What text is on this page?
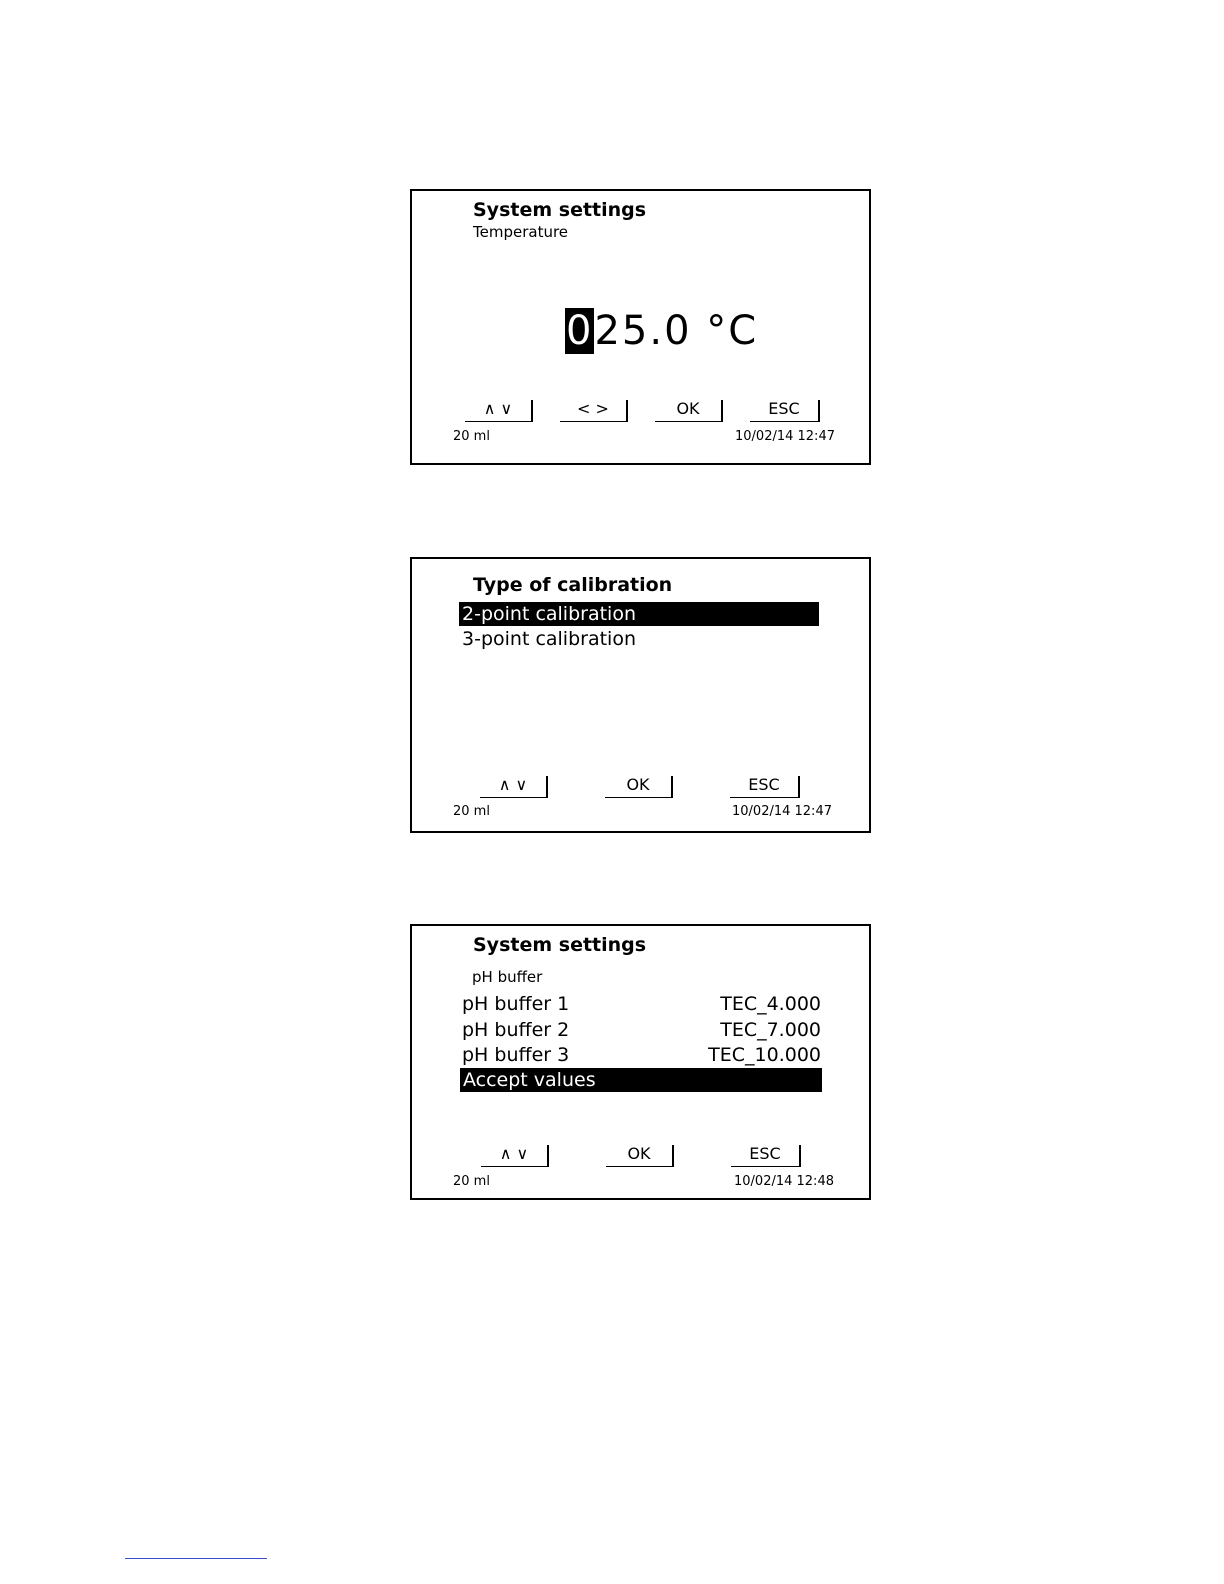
System settings
Temperature
025.0 °C
∧ ∨	< >	OK	ESC
20 ml	10/02/14 12:47
Type of calibration
2-point calibration
3-point calibration
∧ ∨	OK	ESC
20 ml	10/02/14 12:47
System settings
pH buffer
pH buffer 1	TEC_4.000
pH buffer 2	TEC_7.000
pH buffer 3	TEC_10.000
Accept values
∧ ∨	OK	ESC
20 ml	10/02/14 12:48
